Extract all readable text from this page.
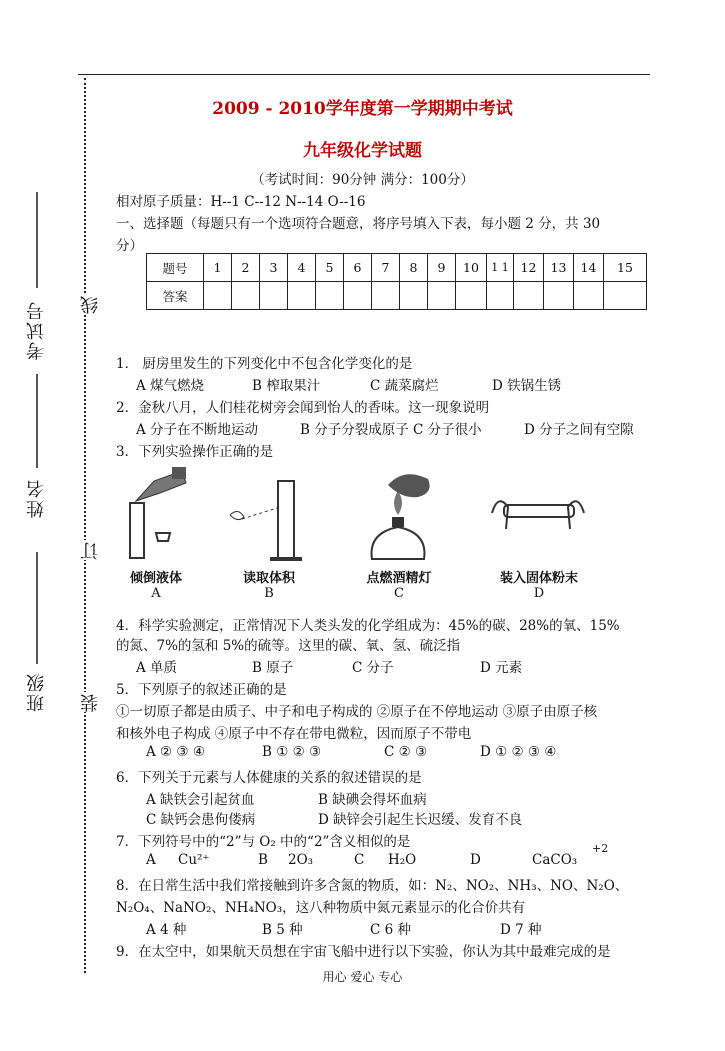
考试号
姓名
班级
线
订
装
2009 - 2010学年度第一学期期中考试
九年级化学试题
（考试时间：90分钟 满分：100分）
相对原子质量：H--1 C--12 N--14 O--16
一、选择题（每题只有一个选项符合题意，将序号填入下表，每小题 2 分，共 30
分）
题号	1	2	3	4	5	6	7	8	9	10	1 1	12	13	14	15
答案															
1． 厨房里发生的下列变化中不包含化学变化的是
A 煤气燃烧	B 榨取果汁	C 蔬菜腐烂	D 铁锅生锈
2．金秋八月，人们桂花树旁会闻到怡人的香味。这一现象说明
A 分子在不断地运动	B 分子分裂成原子 C 分子很小	D 分子之间有空隙
3．下列实验操作正确的是
倾倒液体
A
读取体积
B
点燃酒精灯
C
装入固体粉末
D
4．科学实验测定，正常情况下人类头发的化学组成为：45%的碳、28%的氧、15%
的氮、7%的氢和 5%的硫等。这里的碳、氧、氢、硫泛指
A 单质	B 原子	C 分子	D 元素
5．下列原子的叙述正确的是
①一切原子都是由质子、中子和电子构成的 ②原子在不停地运动 ③原子由原子核
和核外电子构成 ④原子中不存在带电微粒，因而原子不带电
A ② ③ ④	B ① ② ③	C ② ③	D ① ② ③ ④
6．下列关于元素与人体健康的关系的叙述错误的是
A 缺铁会引起贫血	B 缺碘会得坏血病
C 缺钙会患佝偻病	D 缺锌会引起生长迟缓、发育不良
7．下列符号中的“2”与 O₂ 中的“2”含义相似的是
A Cu²⁺	B 2O₃	C H₂O	D	CaCO₃
+2
8．在日常生活中我们常接触到许多含氮的物质，如：N₂、NO₂、NH₃、NO、N₂O、
N₂O₄、NaNO₂、NH₄NO₃，这八种物质中氮元素显示的化合价共有
A 4 种	B 5 种	C 6 种	D 7 种
9．在太空中，如果航天员想在宇宙飞船中进行以下实验，你认为其中最难完成的是
用心 爱心 专心
